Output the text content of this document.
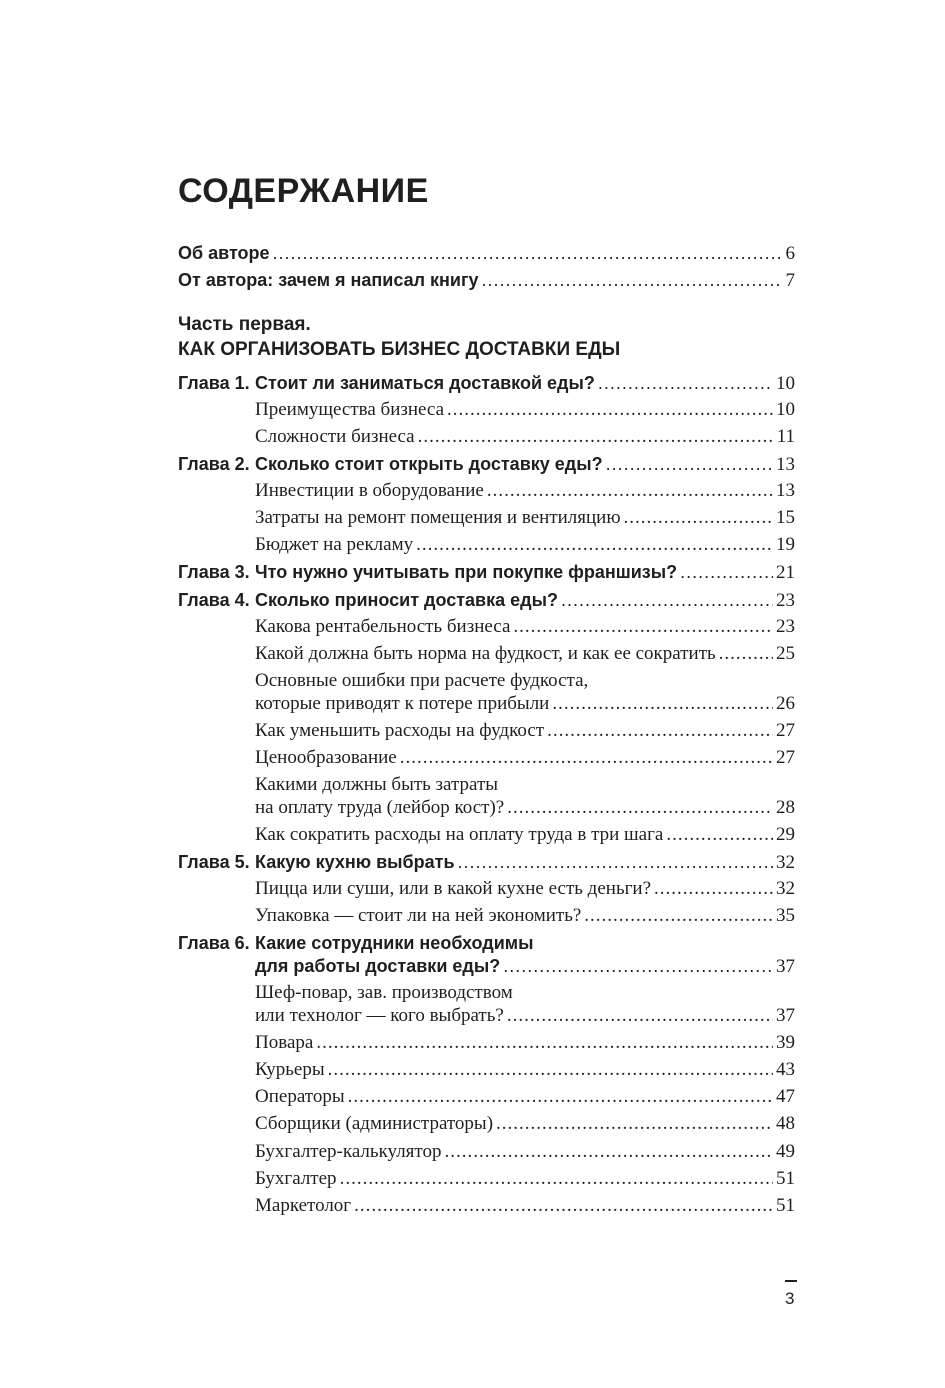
СОДЕРЖАНИЕ
Об авторе .....	6
От автора: зачем я написал книгу .....	7
Часть первая.
КАК ОРГАНИЗОВАТЬ БИЗНЕС ДОСТАВКИ ЕДЫ
Глава 1. Стоит ли заниматься доставкой еды? .....	10
Преимущества бизнеса .....	10
Сложности бизнеса .....	11
Глава 2. Сколько стоит открыть доставку еды? .....	13
Инвестиции в оборудование .....	13
Затраты на ремонт помещения и вентиляцию .....	15
Бюджет на рекламу .....	19
Глава 3. Что нужно учитывать при покупке франшизы? .....	21
Глава 4. Сколько приносит доставка еды? .....	23
Какова рентабельность бизнеса .....	23
Какой должна быть норма на фудкост, и как ее сократить .....	25
Основные ошибки при расчете фудкоста,
которые приводят к потере прибыли .....	26
Как уменьшить расходы на фудкост .....	27
Ценообразование .....	27
Какими должны быть затраты
на оплату труда (лейбор кост)? .....	28
Как сократить расходы на оплату труда в три шага .....	29
Глава 5. Какую кухню выбрать .....	32
Пицца или суши, или в какой кухне есть деньги? .....	32
Упаковка — стоит ли на ней экономить? .....	35
Глава 6. Какие сотрудники необходимы
для работы доставки еды? .....	37
Шеф-повар, зав. производством
или технолог — кого выбрать? .....	37
Повара .....	39
Курьеры .....	43
Операторы .....	47
Сборщики (администраторы) .....	48
Бухгалтер-калькулятор .....	49
Бухгалтер .....	51
Маркетолог .....	51
3
